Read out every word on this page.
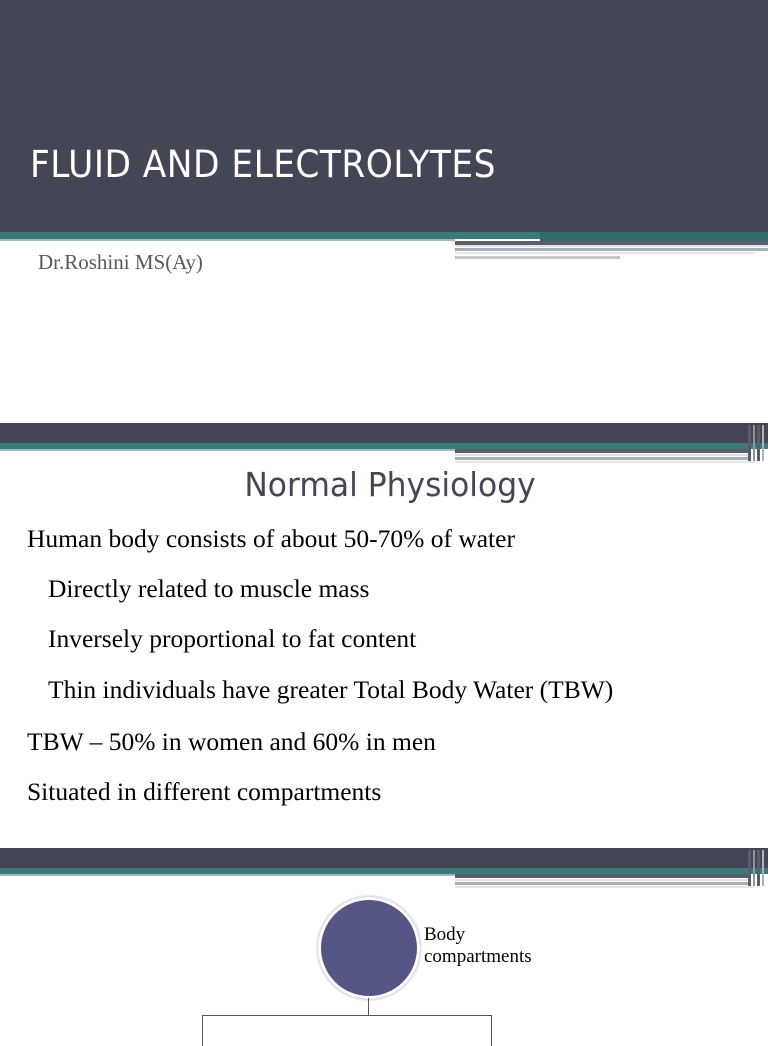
FLUID AND ELECTROLYTES
Dr.Roshini MS(Ay)
Normal Physiology
Human body consists of about 50-70% of water
Directly related to muscle mass
Inversely proportional to fat content
Thin individuals have greater Total Body Water (TBW)
TBW – 50% in women and 60% in men
Situated in different compartments
Body compartments
